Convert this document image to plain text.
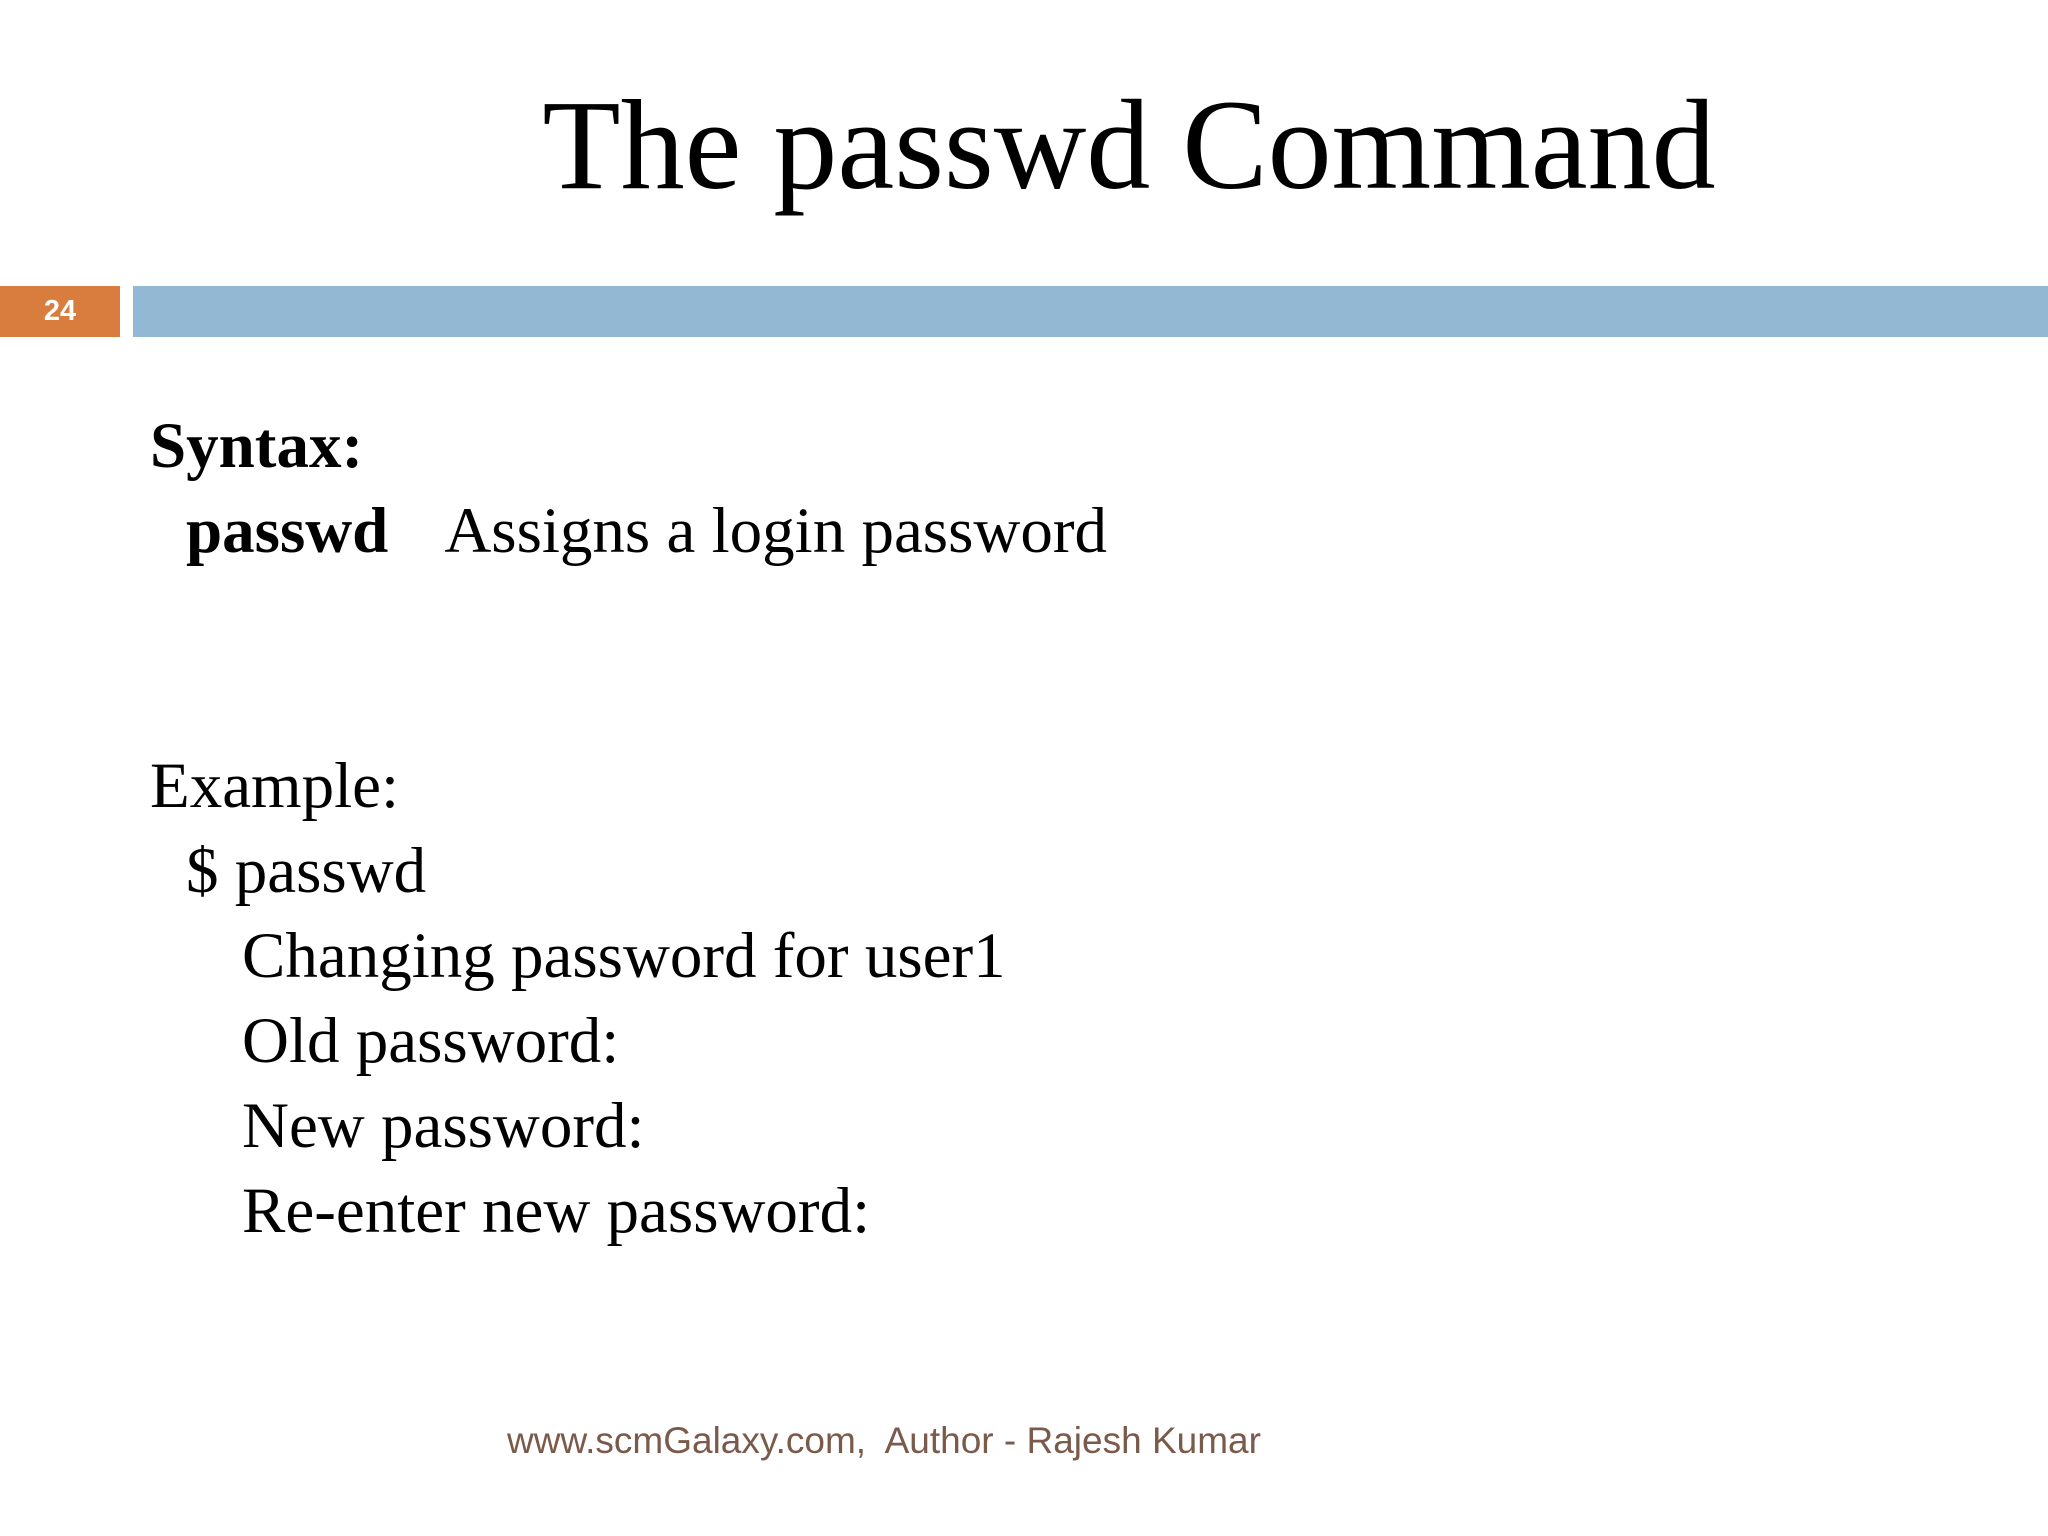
The passwd Command
24
Syntax:
passwd Assigns a login password
Example:
$ passwd
Changing password for user1
Old password:
New password:
Re-enter new password:
www.scmGalaxy.com,  Author - Rajesh Kumar
